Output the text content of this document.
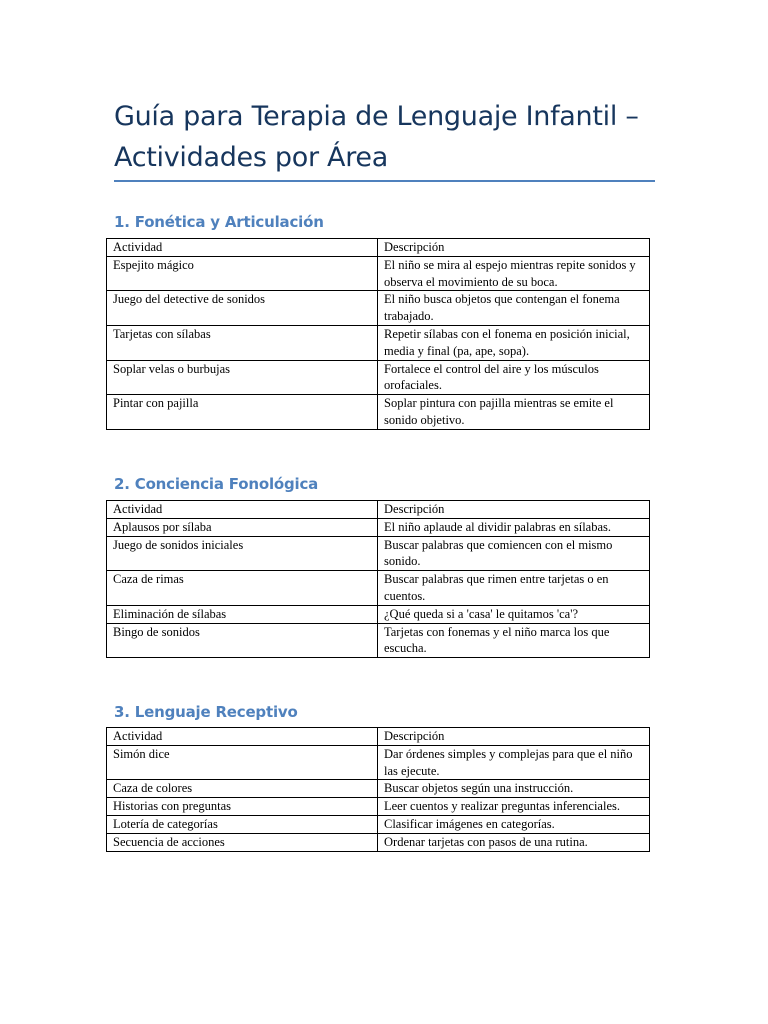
Guía para Terapia de Lenguaje Infantil – Actividades por Área
1. Fonética y Articulación
Actividad	Descripción
Espejito mágico	El niño se mira al espejo mientras repite sonidos y observa el movimiento de su boca.
Juego del detective de sonidos	El niño busca objetos que contengan el fonema trabajado.
Tarjetas con sílabas	Repetir sílabas con el fonema en posición inicial, media y final (pa, ape, sopa).
Soplar velas o burbujas	Fortalece el control del aire y los músculos orofaciales.
Pintar con pajilla	Soplar pintura con pajilla mientras se emite el sonido objetivo.
2. Conciencia Fonológica
Actividad	Descripción
Aplausos por sílaba	El niño aplaude al dividir palabras en sílabas.
Juego de sonidos iniciales	Buscar palabras que comiencen con el mismo sonido.
Caza de rimas	Buscar palabras que rimen entre tarjetas o en cuentos.
Eliminación de sílabas	¿Qué queda si a 'casa' le quitamos 'ca'?
Bingo de sonidos	Tarjetas con fonemas y el niño marca los que escucha.
3. Lenguaje Receptivo
Actividad	Descripción
Simón dice	Dar órdenes simples y complejas para que el niño las ejecute.
Caza de colores	Buscar objetos según una instrucción.
Historias con preguntas	Leer cuentos y realizar preguntas inferenciales.
Lotería de categorías	Clasificar imágenes en categorías.
Secuencia de acciones	Ordenar tarjetas con pasos de una rutina.
